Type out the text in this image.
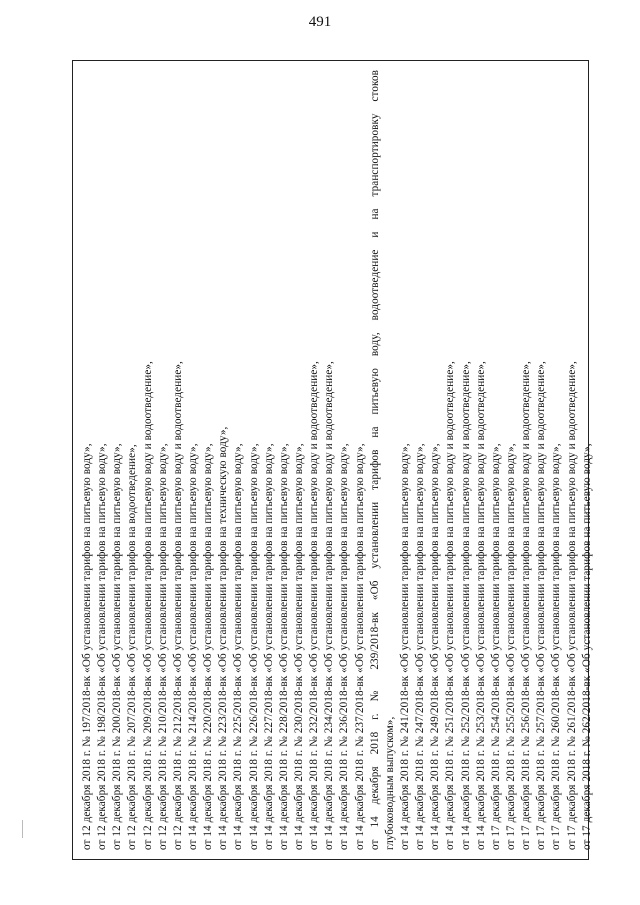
491
от 12 декабря 2018 г. № 197/2018-вк «Об установлении тарифов на питьевую воду», от 12 декабря 2018 г. № 198/2018-вк «Об установлении тарифов на питьевую воду», от 12 декабря 2018 г. № 200/2018-вк «Об установлении тарифов на питьевую воду», от 12 декабря 2018 г. № 207/2018-вк «Об установлении тарифов на водоотведение», от 12 декабря 2018 г. № 209/2018-вк «Об установлении тарифов на питьевую воду и водоотведение», от 12 декабря 2018 г. № 210/2018-вк «Об установлении тарифов на питьевую воду», от 12 декабря 2018 г. № 212/2018-вк «Об установлении тарифов на питьевую воду и водоотведение», от 14 декабря 2018 г. № 214/2018-вк «Об установлении тарифов на питьевую воду», от 14 декабря 2018 г. № 220/2018-вк «Об установлении тарифов на питьевую воду», от 14 декабря 2018 г. № 223/2018-вк «Об установлении тарифов на техническую воду», от 14 декабря 2018 г. № 225/2018-вк «Об установлении тарифов на питьевую воду», от 14 декабря 2018 г. № 226/2018-вк «Об установлении тарифов на питьевую воду», от 14 декабря 2018 г. № 227/2018-вк «Об установлении тарифов на питьевую воду», от 14 декабря 2018 г. № 228/2018-вк «Об установлении тарифов на питьевую воду», от 14 декабря 2018 г. № 230/2018-вк «Об установлении тарифов на питьевую воду», от 14 декабря 2018 г. № 232/2018-вк «Об установлении тарифов на питьевую воду и водоотведение», от 14 декабря 2018 г. № 234/2018-вк «Об установлении тарифов на питьевую воду и водоотведение», от 14 декабря 2018 г. № 236/2018-вк «Об установлении тарифов на питьевую воду», от 14 декабря 2018 г. № 237/2018-вк «Об установлении тарифов на питьевую воду», от 14 декабря 2018 г. № 239/2018-вк «Об установлении тарифов на питьевую воду, водоотведение и на транспортировку стоков глубоководным выпуском», от 14 декабря 2018 г. № 241/2018-вк «Об установлении тарифов на питьевую воду», от 14 декабря 2018 г. № 247/2018-вк «Об установлении тарифов на питьевую воду», от 14 декабря 2018 г. № 249/2018-вк «Об установлении тарифов на питьевую воду», от 14 декабря 2018 г. № 251/2018-вк «Об установлении тарифов на питьевую воду и водоотведение», от 14 декабря 2018 г. № 252/2018-вк «Об установлении тарифов на питьевую воду и водоотведение», от 14 декабря 2018 г. № 253/2018-вк «Об установлении тарифов на питьевую воду и водоотведение», от 17 декабря 2018 г. № 254/2018-вк «Об установлении тарифов на питьевую воду», от 17 декабря 2018 г. № 255/2018-вк «Об установлении тарифов на питьевую воду», от 17 декабря 2018 г. № 256/2018-вк «Об установлении тарифов на питьевую воду и водоотведение», от 17 декабря 2018 г. № 257/2018-вк «Об установлении тарифов на питьевую воду и водоотведение», от 17 декабря 2018 г. № 260/2018-вк «Об установлении тарифов на питьевую воду», от 17 декабря 2018 г. № 261/2018-вк «Об установлении тарифов на питьевую воду и водоотведение», от 17 декабря 2018 г. № 262/2018-вк «Об установлении тарифов на питьевую воду»,
